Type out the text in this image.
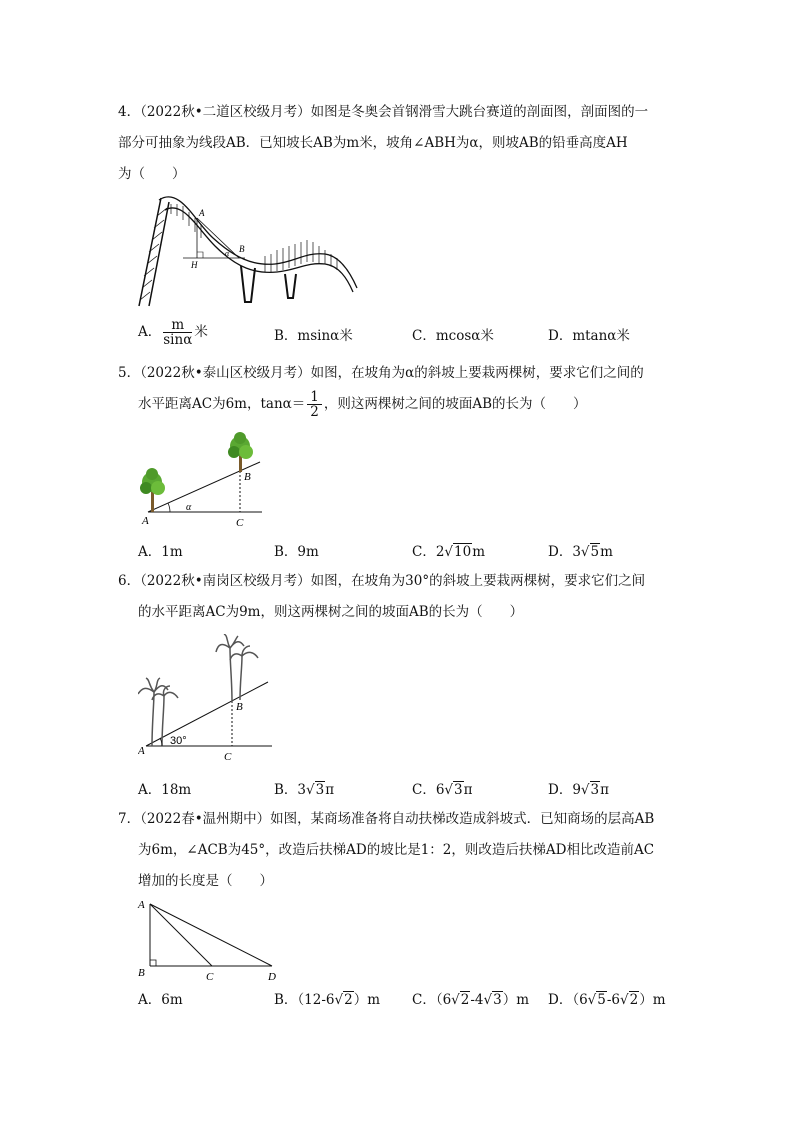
4．（2022秋•二道区校级月考）如图是冬奥会首钢滑雪大跳台赛道的剖面图，剖面图的一

部分可抽象为线段AB．已知坡长AB为m米，坡角∠ABH为α，则坡AB的铅垂高度AH

为（　　）

A
B
H
α
A． $\frac{m}{\sin\alpha}$ 米	B．msinα米	C．mcosα米	D．mtanα米

5．（2022秋•泰山区校级月考）如图，在坡角为α的斜坡上要栽两棵树，要求它们之间的

水平距离AC为6m，$\tan\alpha= \frac{1}{2}$ ，则这两棵树之间的坡面AB的长为（　　）

A
B
C
α
A．1m	B．9m	C．2√10m	D．3√5m

6．（2022秋•南岗区校级月考）如图，在坡角为30°的斜坡上要栽两棵树，要求它们之间

的水平距离AC为9m，则这两棵树之间的坡面AB的长为（　　）

A
B
C
30°
A．18m	B．3√3π	C．6√3π	D．9√3π

7．（2022春•温州期中）如图，某商场准备将自动扶梯改造成斜坡式．已知商场的层高AB

为6m，∠ACB为45°，改造后扶梯AD的坡比是1：2，则改造后扶梯AD相比改造前AC

增加的长度是（　　）

A
B	C	D
A．6m	B．（12-6√2）m C．（6√2-4√3）m D．（6√5-6√2）m
